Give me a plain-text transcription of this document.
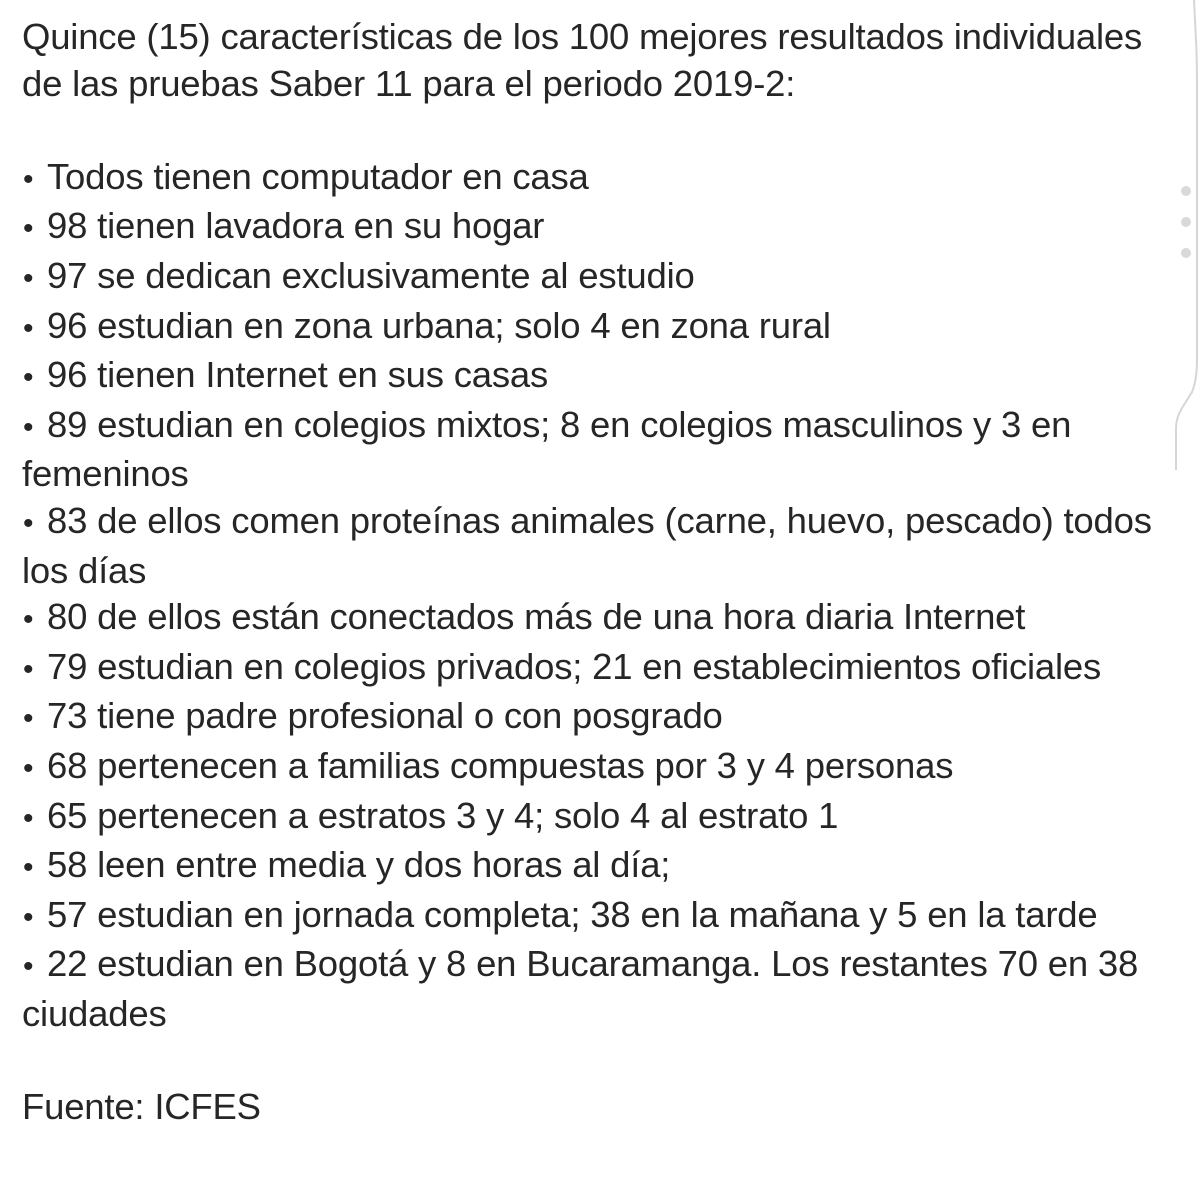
Quince (15) características de los 100 mejores resultados individuales de las pruebas Saber 11 para el periodo 2019-2:

•Todos tienen computador en casa
•98 tienen lavadora en su hogar
•97 se dedican exclusivamente al estudio
•96 estudian en zona urbana; solo 4 en zona rural
•96 tienen Internet en sus casas
•89 estudian en colegios mixtos; 8 en colegios masculinos y 3 en femeninos
•83 de ellos comen proteínas animales (carne, huevo, pescado) todos los días
•80 de ellos están conectados más de una hora diaria Internet
•79 estudian en colegios privados; 21 en establecimientos oficiales
•73 tiene padre profesional o con posgrado
•68 pertenecen a familias compuestas por 3 y 4 personas
•65 pertenecen a estratos 3 y 4; solo 4 al estrato 1
•58 leen entre media y dos horas al día;
•57 estudian en jornada completa; 38 en la mañana y 5 en la tarde
•22 estudian en Bogotá y 8 en Bucaramanga. Los restantes 70 en 38 ciudades

Fuente: ICFES
